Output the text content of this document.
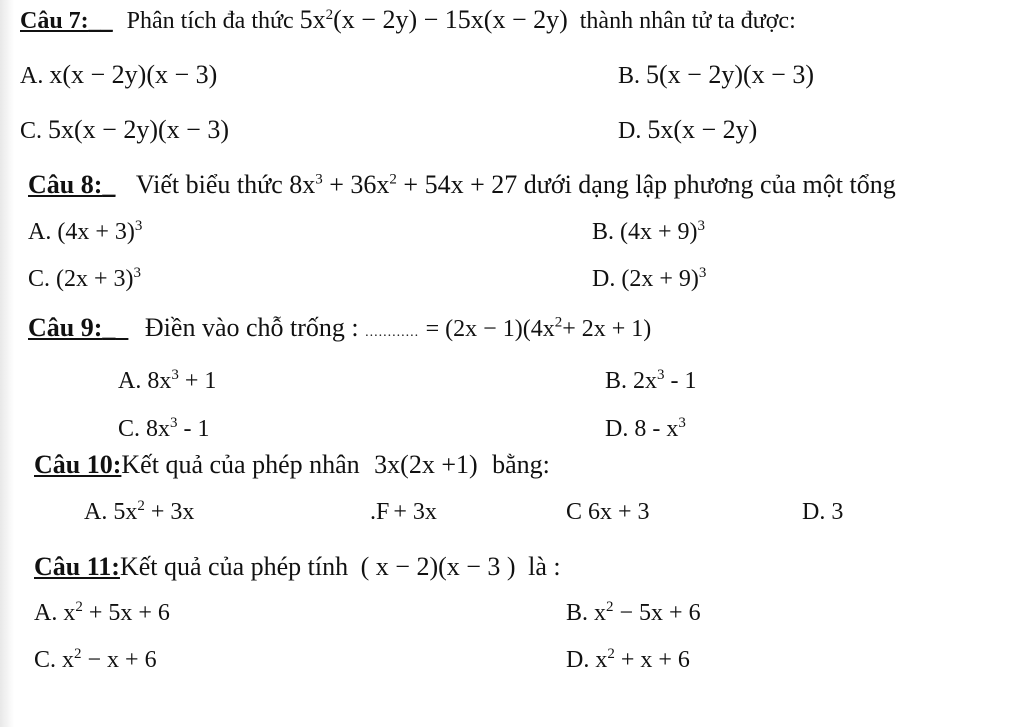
Câu 7:__ Phân tích đa thức $5x^2(x - 2y) - 15x(x - 2y)$ thành nhân tử ta được:
A. x(x − 2y)(x − 3)	B. 5(x − 2y)(x − 3)
C. 5x(x − 2y)(x − 3)	D. 5x(x − 2y)
Câu 8:_ Viết biểu thức $8x^3 + 36x^2 + 54x + 27$ dưới dạng lập phương của một tổng
A. $(4x + 3)^3$	B. $(4x + 9)^3$
C. $(2x + 3)^3$	D. $(2x + 9)^3$
Câu 9:_ Điền vào chỗ trống : ............ = $(2x - 1)(4x^2+ 2x + 1)$
A. $8x^3 + 1$	B. $2x^3 - 1$
C. $8x^3 - 1$	D. $8 - x^3$
Câu 10:Kết quả của phép nhân 3x(2x +1) bằng:
A. $5x^2 + 3x$	.F + 3x	C 6x + 3	D. 3
Câu 11:Kết quả của phép tính ( x − 2)(x − 3 ) là :
A. $x^2 + 5x + 6$	B. $x^2 - 5x + 6$
C. $x^2 - x + 6$	D. $x^2 + x + 6$
